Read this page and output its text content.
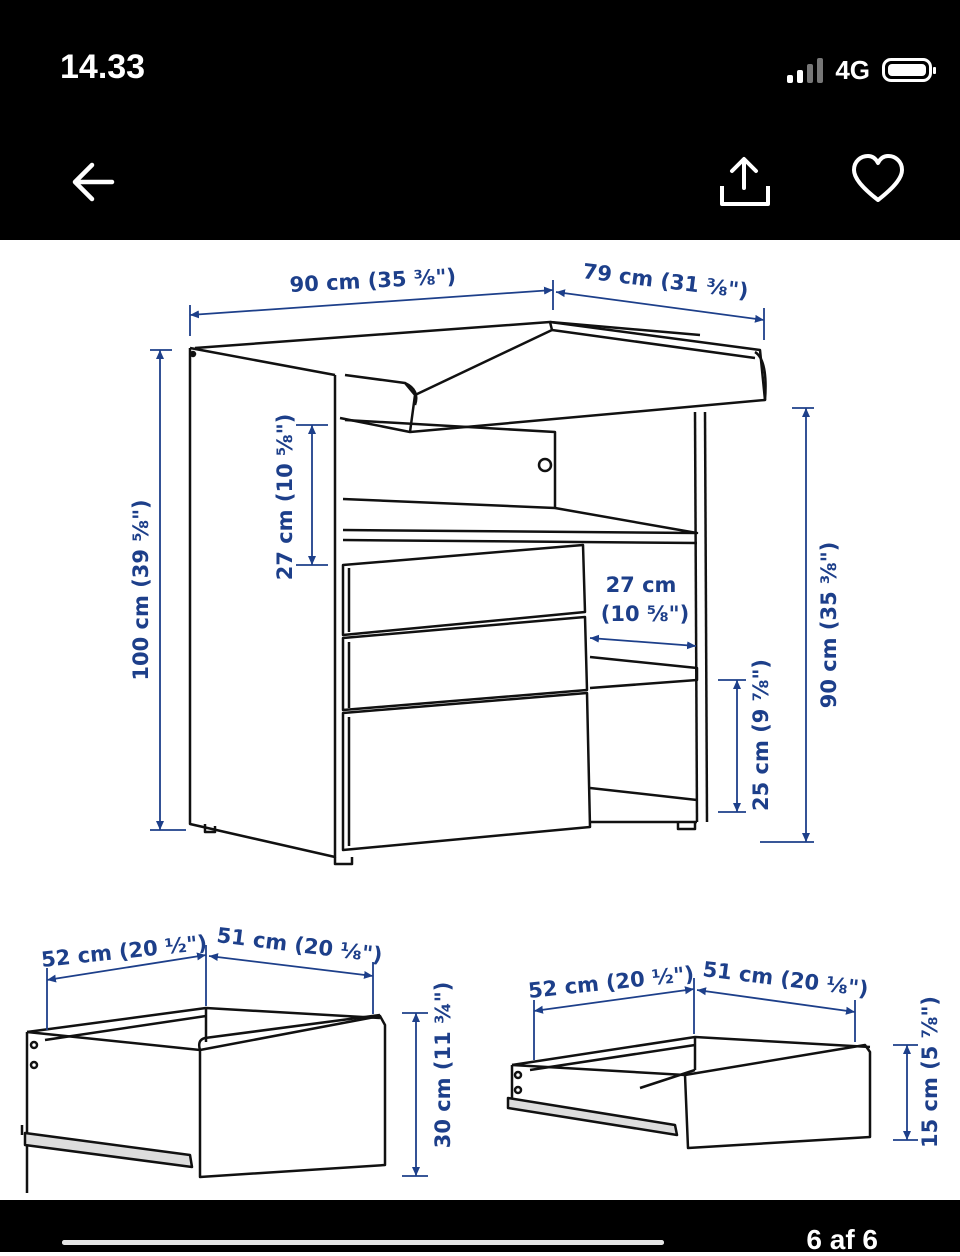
14.33	4G
90 cm (35 ⅜")	79 cm (31 ⅜")
100 cm (39 ⅝")
27 cm (10 ⅝")
27 cm
(10 ⅝")
25 cm (9 ⅞")
90 cm (35 ⅜")
52 cm (20 ½") 51 cm (20 ⅛")
30 cm (11 ¾")	52 cm (20 ½") 51 cm (20 ⅛")
15 cm (5 ⅞")
6 af 6
